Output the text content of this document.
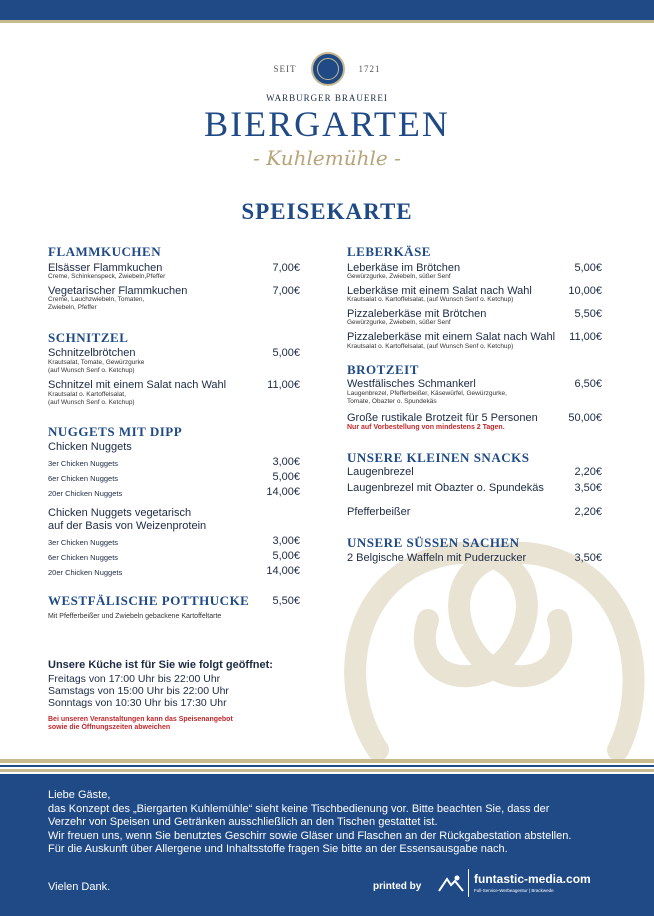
SEIT	1721
WARBURGER BRAUEREI
BIERGARTEN
- Kuhlemühle -
SPEISEKARTE
FLAMMKUCHEN
Elsässer Flammkuchen
Creme, Schinkenspeck, Zwiebeln,Pfeffer
7,00€
Vegetarischer Flammkuchen
Creme, Lauchzwiebeln, Tomaten,
Zwiebeln, Pfeffer
7,00€
SCHNITZEL
Schnitzelbrötchen
Krautsalat, Tomate, Gewürzgurke
(auf Wunsch Senf o. Ketchup)
5,00€
Schnitzel mit einem Salat nach Wahl
Krautsalat o. Kartoffelsalat,
(auf Wunsch Senf o. Ketchup)
11,00€
NUGGETS MIT DIPP
Chicken Nuggets
3er Chicken Nuggets	3,00€
6er Chicken Nuggets	5,00€
20er Chicken Nuggets	14,00€
Chicken Nuggets vegetarisch
auf der Basis von Weizenprotein
3er Chicken Nuggets	3,00€
6er Chicken Nuggets	5,00€
20er Chicken Nuggets	14,00€
WESTFÄLISCHE POTTHUCKE	5,50€
Mit Pfefferbeißer und Zwiebeln gebackene Kartoffeltarte
Unsere Küche ist für Sie wie folgt geöffnet:
Freitags von 17:00 Uhr bis 22:00 Uhr
Samstags von 15:00 Uhr bis 22:00 Uhr
Sonntags von 10:30 Uhr bis 17:30 Uhr
Bei unseren Veranstaltungen kann das Speisenangebot
sowie die Öffnungszeiten abweichen
LEBERKÄSE
Leberkäse im Brötchen
Gewürzgurke, Zwiebeln, süßer Senf
5,00€
Leberkäse mit einem Salat nach Wahl
Krautsalat o. Kartoffelsalat, (auf Wunsch Senf o. Ketchup)
10,00€
Pizzaleberkäse mit Brötchen
Gewürzgurke, Zwiebeln, süßer Senf
5,50€
Pizzaleberkäse mit einem Salat nach Wahl
Krautsalat o. Kartoffelsalat, (auf Wunsch Senf o. Ketchup)
11,00€
BROTZEIT
Westfälisches Schmankerl
Laugenbrezel, Pfefferbeißer, Käsewürfel, Gewürzgurke,
Tomate, Obazter o. Spundekäs
6,50€
Große rustikale Brotzeit für 5 Personen
Nur auf Vorbestellung von mindestens 2 Tagen.
50,00€
UNSERE KLEINEN SNACKS
Laugenbrezel	2,20€
Laugenbrezel mit Obazter o. Spundekäs	3,50€
Pfefferbeißer	2,20€
UNSERE SÜSSEN SACHEN
2 Belgische Waffeln mit Puderzucker	3,50€
Liebe Gäste,
das Konzept des „Biergarten Kuhlemühle“ sieht keine Tischbedienung vor. Bitte beachten Sie, dass der
Verzehr von Speisen und Getränken ausschließlich an den Tischen gestattet ist.
Wir freuen uns, wenn Sie benutztes Geschirr sowie Gläser und Flaschen an der Rückgabestation abstellen.
Für die Auskunft über Allergene und Inhaltsstoffe fragen Sie bitte an der Essensausgabe nach.
Vielen Dank.	printed by
funtastic-media.com
Full-Service-Werbeagentur | Brackwede
